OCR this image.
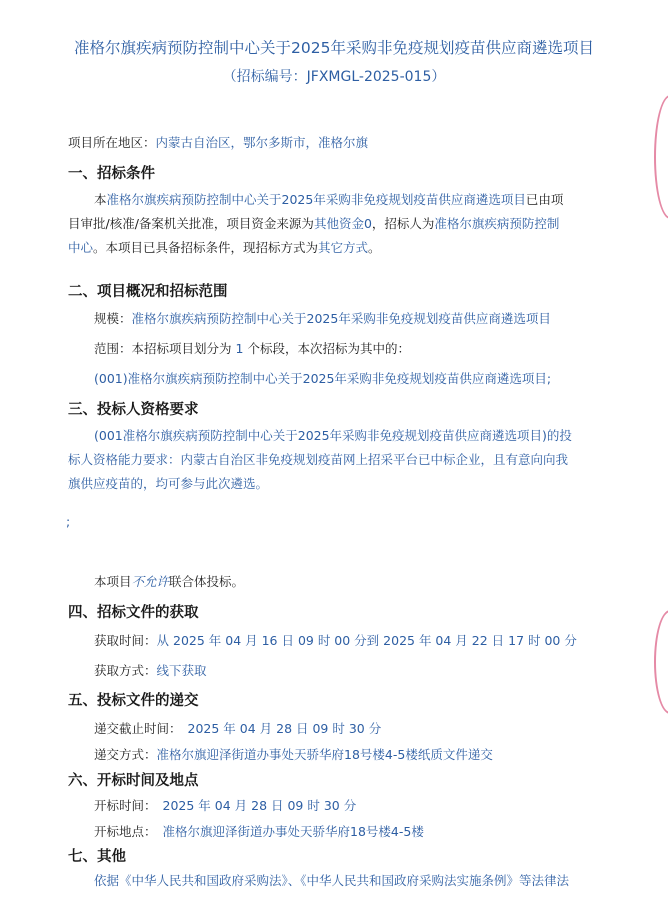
准格尔旗疾病预防控制中心关于2025年采购非免疫规划疫苗供应商遴选项目
（招标编号：JFXMGL-2025-015）
项目所在地区：内蒙古自治区，鄂尔多斯市，准格尔旗
一、招标条件
本准格尔旗疾病预防控制中心关于2025年采购非免疫规划疫苗供应商遴选项目已由项
目审批/核准/备案机关批准，项目资金来源为其他资金0，招标人为准格尔旗疾病预防控制
中心。本项目已具备招标条件，现招标方式为其它方式。
二、项目概况和招标范围
规模：准格尔旗疾病预防控制中心关于2025年采购非免疫规划疫苗供应商遴选项目
范围：本招标项目划分为 1 个标段，本次招标为其中的：
(001)准格尔旗疾病预防控制中心关于2025年采购非免疫规划疫苗供应商遴选项目;
三、投标人资格要求
(001准格尔旗疾病预防控制中心关于2025年采购非免疫规划疫苗供应商遴选项目)的投
标人资格能力要求：内蒙古自治区非免疫规划疫苗网上招采平台已中标企业，且有意向向我
旗供应疫苗的，均可参与此次遴选。
;
本项目不允许联合体投标。
四、招标文件的获取
获取时间：从 2025 年 04 月 16 日 09 时 00 分到 2025 年 04 月 22 日 17 时 00 分
获取方式：线下获取
五、投标文件的递交
递交截止时间： 2025 年 04 月 28 日 09 时 30 分
递交方式：准格尔旗迎泽街道办事处天骄华府18号楼4-5楼纸质文件递交
六、开标时间及地点
开标时间： 2025 年 04 月 28 日 09 时 30 分
开标地点： 准格尔旗迎泽街道办事处天骄华府18号楼4-5楼
七、其他
依据《中华人民共和国政府采购法》、《中华人民共和国政府采购法实施条例》等法律法
